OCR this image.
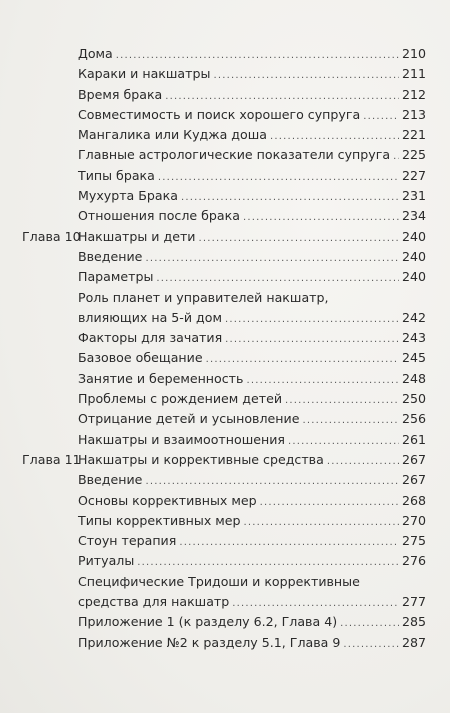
Дома .....	210
Караки и накшатры .....	211
Время брака .....	212
Совместимость и поиск хорошего супруга .....	213
Мангалика или Куджа доша .....	221
Главные астрологические показатели супруга ..... 225
Типы брака .....	227
Мухурта Брака .....	231
Отношения после брака .....	234
Глава 10
Накшатры и дети .....	240
Введение .....	240
Параметры .....	240
Роль планет и управителей накшатр,
влияющих на 5-й дом .....	242
Факторы для зачатия .....	243
Базовое обещание .....	245
Занятие и беременность .....	248
Проблемы с рождением детей .....	250
Отрицание детей и усыновление .....	256
Накшатры и взаимоотношения .....	261
Глава 11
Накшатры и коррективные средства .....	267
Введение .....	267
Основы коррективных мер .....	268
Типы коррективных мер .....	270
Стоун терапия .....	275
Ритуалы .....	276
Специфические Тридоши и коррективные
средства для накшатр .....	277
Приложение 1 (к разделу 6.2, Глава 4) .....	285
Приложение №2 к разделу 5.1, Глава 9 .....	287
